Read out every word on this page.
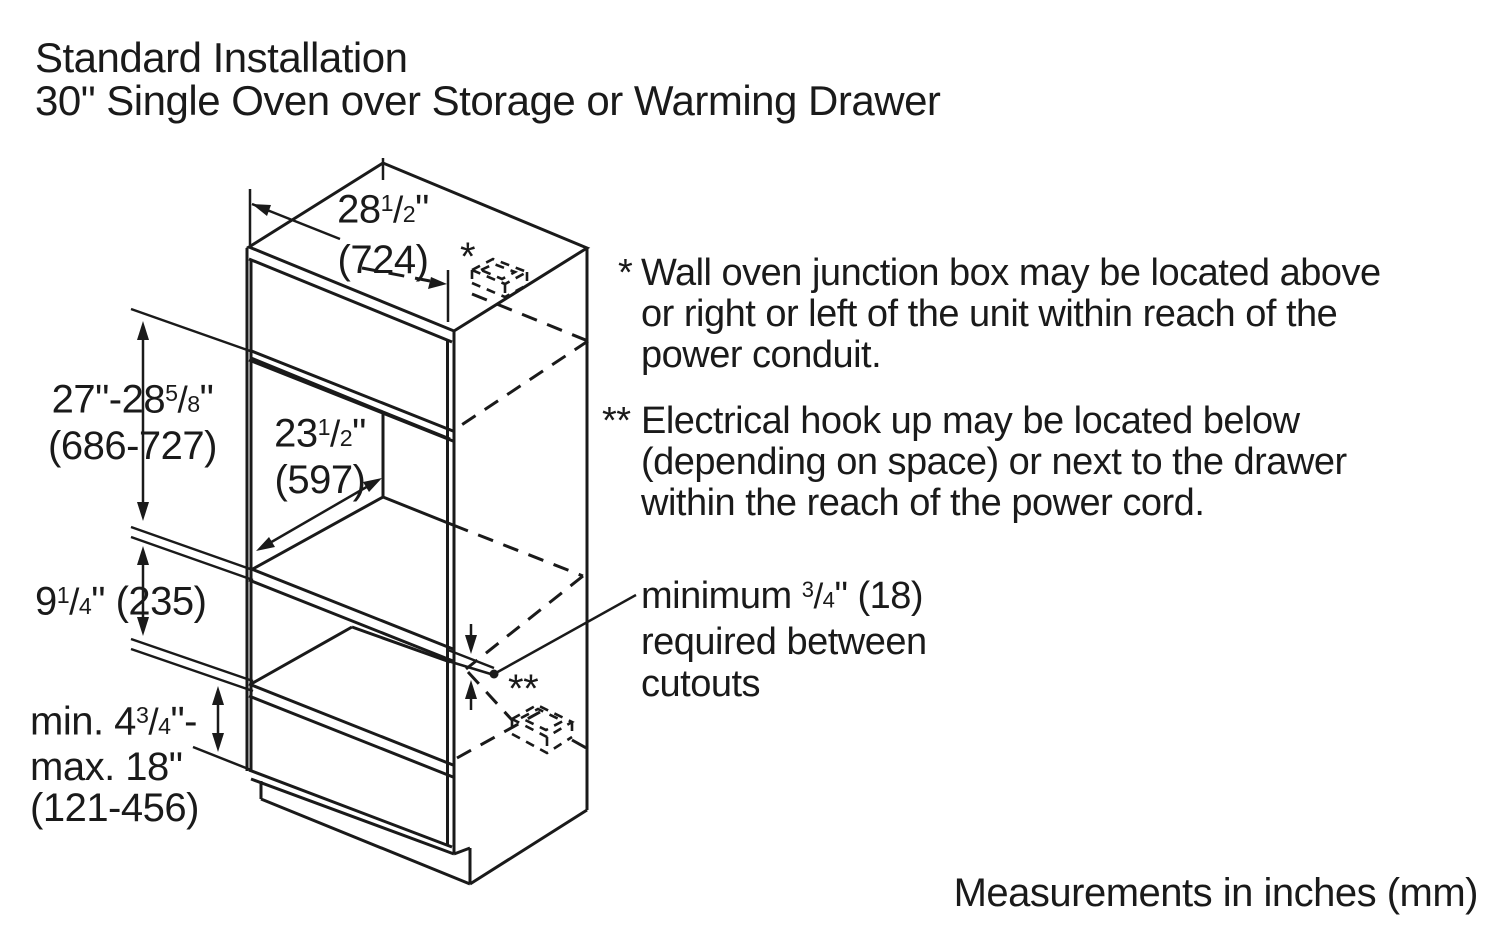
Standard Installation
30" Single Oven over Storage or Warming Drawer
28$^1$/2"
(724)
27"-28$^5$/8"
(686-727)	23$^1$/2"
(597)
9$^1$/4" (235)
min. 4$^3$/4"-
max. 18"
(121-456)
*
**
* Wall oven junction box may be located above
or right or left of the unit within reach of the
power conduit.
** Electrical hook up may be located below
(depending on space) or next to the drawer
within the reach of the power cord.
minimum $^3$/4" (18)
required between
cutouts
Measurements in inches (mm)
